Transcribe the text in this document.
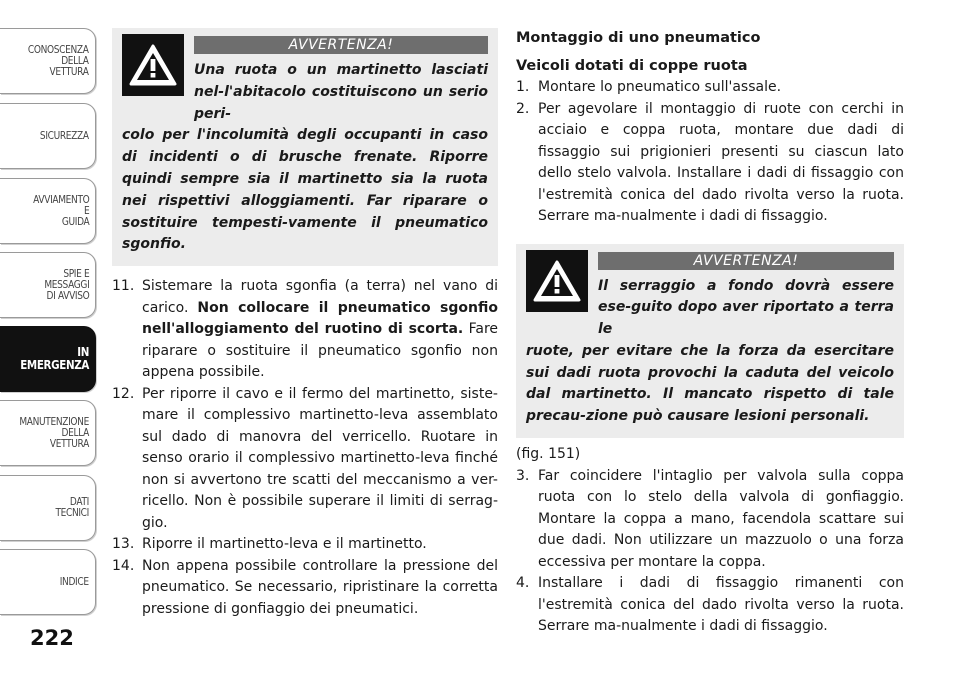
CONOSCENZA
DELLA
VETTURA
SICUREZZA
AVVIAMENTO
E
GUIDA
SPIE E
MESSAGGI
DI AVVISO
IN
EMERGENZA
MANUTENZIONE
DELLA
VETTURA
DATI
TECNICI
INDICE
222
AVVERTENZA!
Una ruota o un martinetto lasciati nel-l'abitacolo costituiscono un serio peri-
colo per l'incolumità degli occupanti in caso di incidenti o di brusche frenate. Riporre quindi sempre sia il martinetto sia la ruota nei rispettivi alloggiamenti. Far riparare o sostituire tempesti-vamente il pneumatico sgonfio.
11. Sistemare la ruota sgonfia (a terra) nel vano di carico. Non collocare il pneumatico sgonfio nell'alloggiamento del ruotino di scorta. Fare riparare o sostituire il pneumatico sgonfio non appena possibile.
12. Per riporre il cavo e il fermo del martinetto, siste-mare il complessivo martinetto-leva assemblato sul dado di manovra del verricello. Ruotare in senso orario il complessivo martinetto-leva finché non si avvertono tre scatti del meccanismo a ver-ricello. Non è possibile superare il limiti di serrag-gio.
13. Riporre il martinetto-leva e il martinetto.
14. Non appena possibile controllare la pressione del pneumatico. Se necessario, ripristinare la corretta pressione di gonfiaggio dei pneumatici.
Montaggio di uno pneumatico
Veicoli dotati di coppe ruota
1. Montare lo pneumatico sull'assale.
2. Per agevolare il montaggio di ruote con cerchi in acciaio e coppa ruota, montare due dadi di fissaggio sui prigionieri presenti su ciascun lato dello stelo valvola. Installare i dadi di fissaggio con l'estremità conica del dado rivolta verso la ruota. Serrare ma-nualmente i dadi di fissaggio.
AVVERTENZA!
Il serraggio a fondo dovrà essere ese-guito dopo aver riportato a terra le
ruote, per evitare che la forza da esercitare sui dadi ruota provochi la caduta del veicolo dal martinetto. Il mancato rispetto di tale precau-zione può causare lesioni personali.
(fig. 151)
3. Far coincidere l'intaglio per valvola sulla coppa ruota con lo stelo della valvola di gonfiaggio. Montare la coppa a mano, facendola scattare sui due dadi. Non utilizzare un mazzuolo o una forza eccessiva per montare la coppa.
4. Installare i dadi di fissaggio rimanenti con l'estremità conica del dado rivolta verso la ruota. Serrare ma-nualmente i dadi di fissaggio.
